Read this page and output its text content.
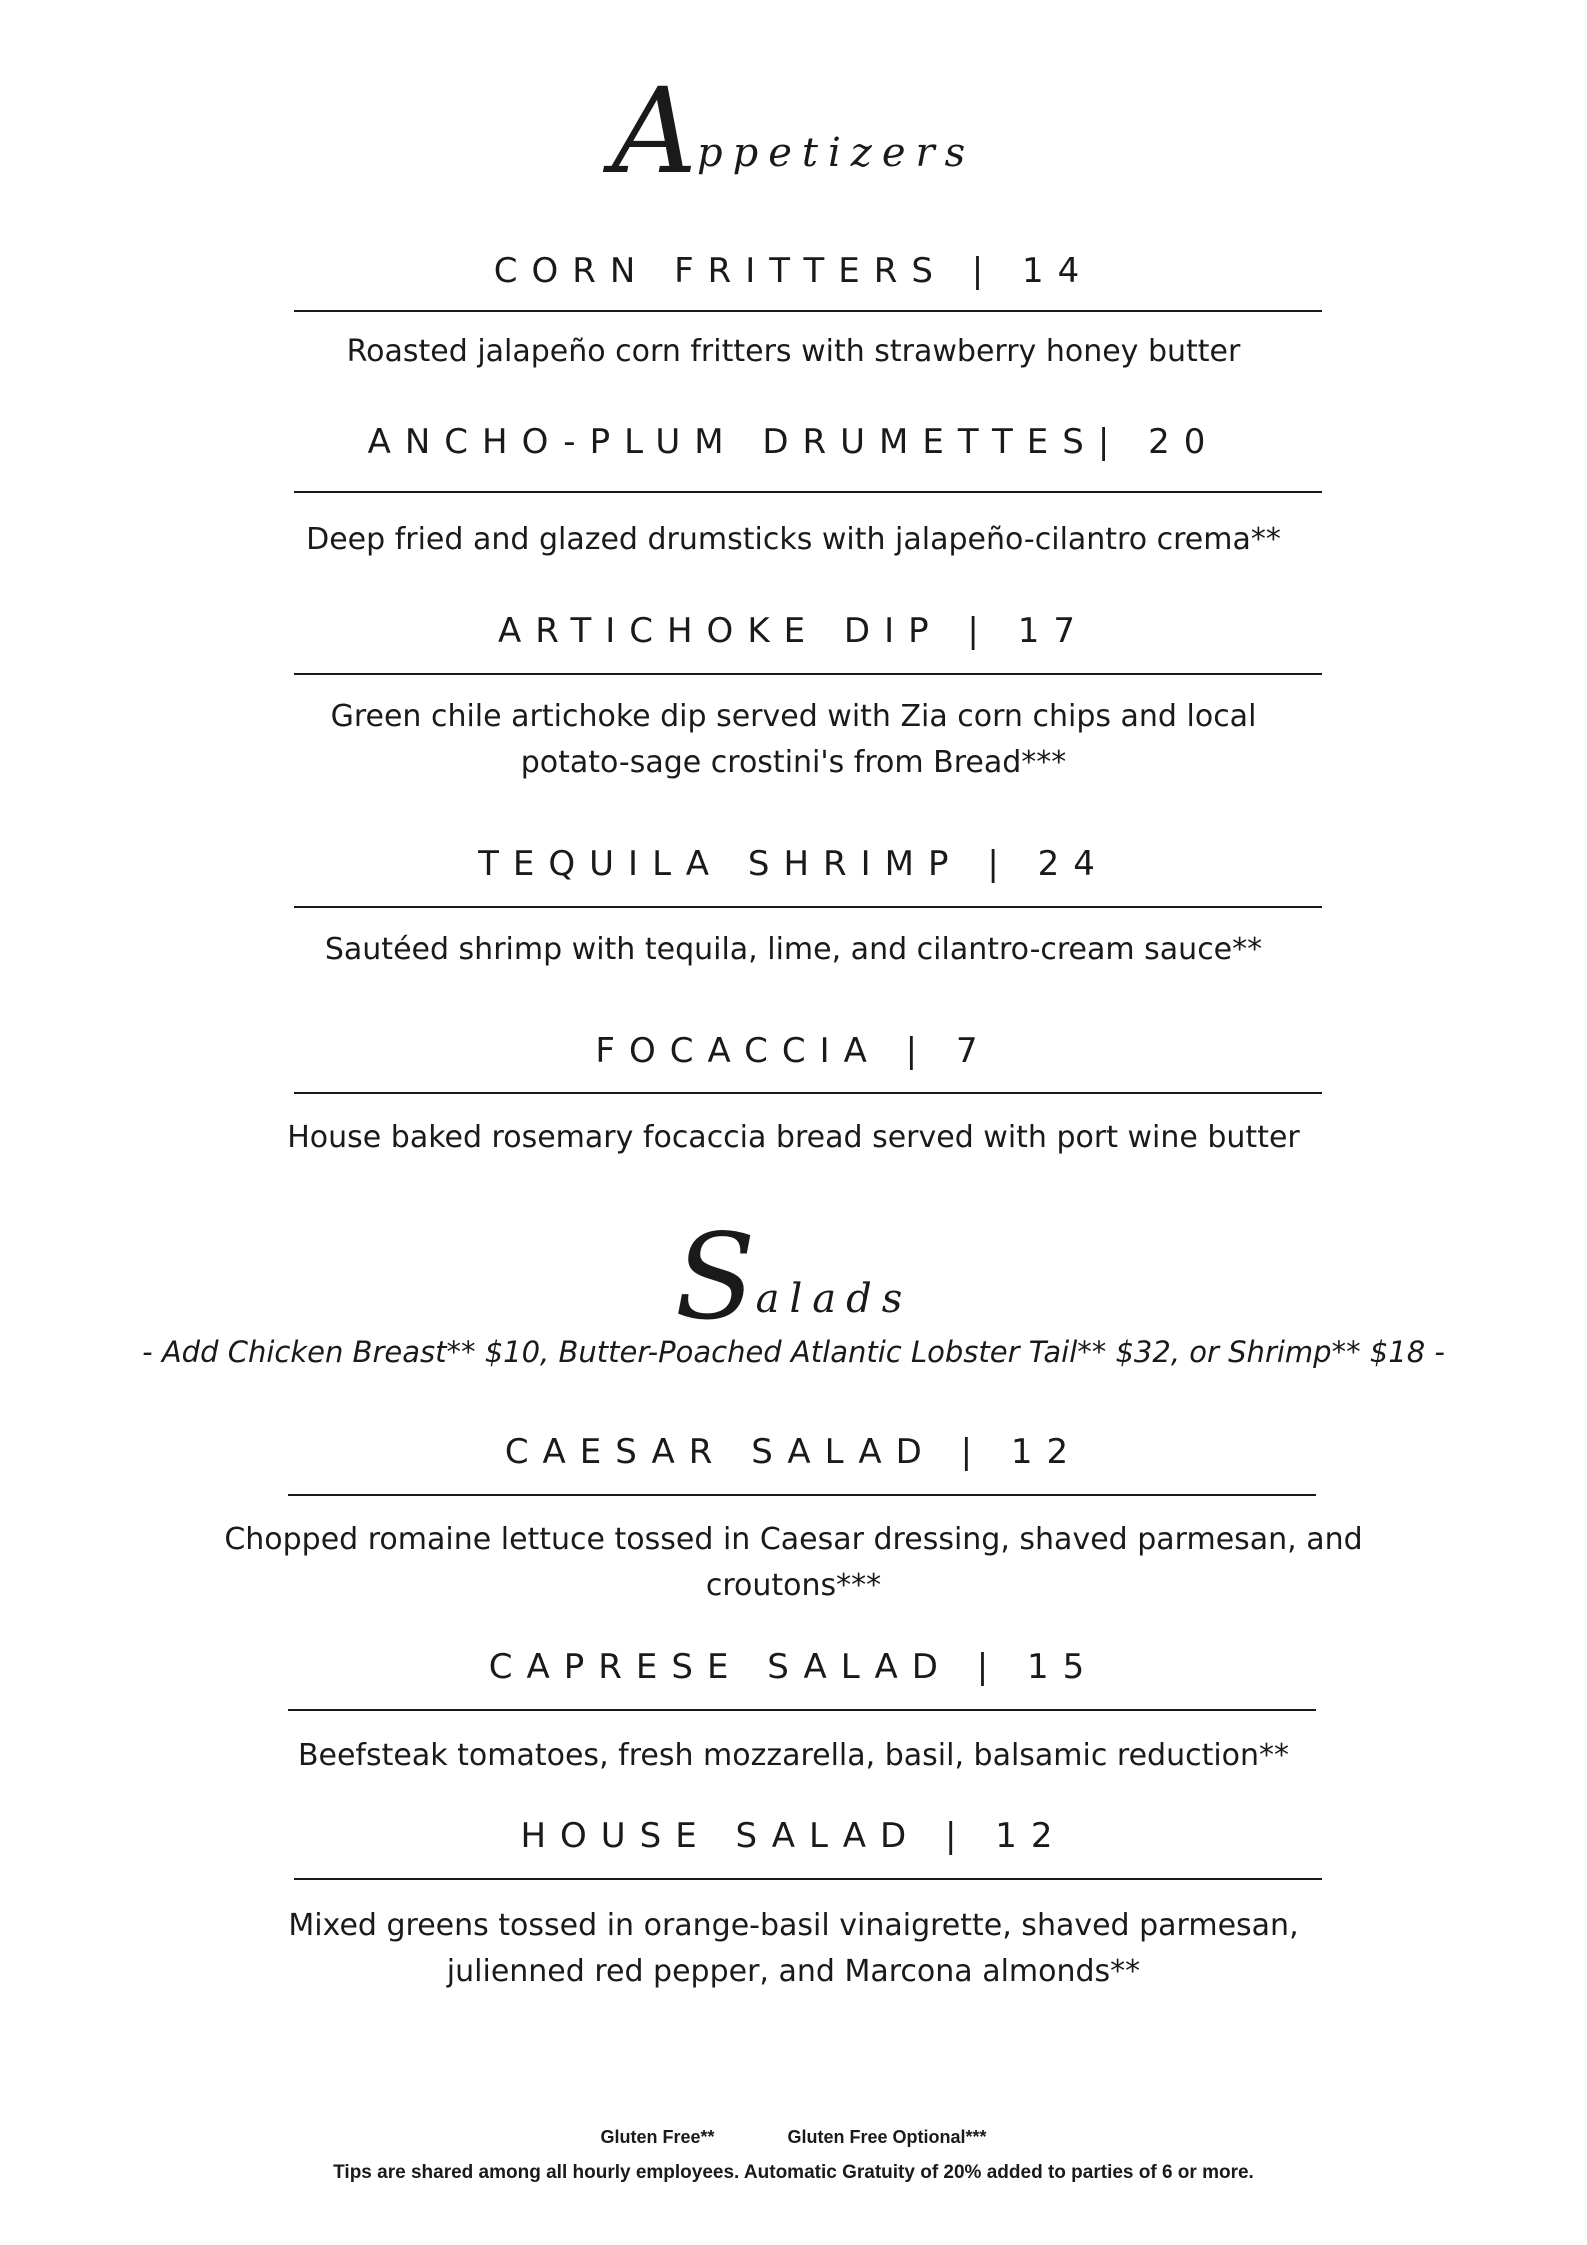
Appetizers
CORN FRITTERS | 14
Roasted jalapeño corn fritters with strawberry honey butter
ANCHO-PLUM DRUMETTES| 20
Deep fried and glazed drumsticks with jalapeño-cilantro crema**
ARTICHOKE DIP | 17
Green chile artichoke dip served with Zia corn chips and local
potato-sage crostini's from Bread***
TEQUILA SHRIMP | 24
Sautéed shrimp with tequila, lime, and cilantro-cream sauce**
FOCACCIA | 7
House baked rosemary focaccia bread served with port wine butter
Salads
- Add Chicken Breast** $10, Butter-Poached Atlantic Lobster Tail** $32, or Shrimp** $18 -
CAESAR SALAD | 12
Chopped romaine lettuce tossed in Caesar dressing, shaved parmesan, and
croutons***
CAPRESE SALAD | 15
Beefsteak tomatoes, fresh mozzarella, basil, balsamic reduction**
HOUSE SALAD | 12
Mixed greens tossed in orange-basil vinaigrette, shaved parmesan,
julienned red pepper, and Marcona almonds**
Gluten Free**	Gluten Free Optional***
Tips are shared among all hourly employees. Automatic Gratuity of 20% added to parties of 6 or more.
